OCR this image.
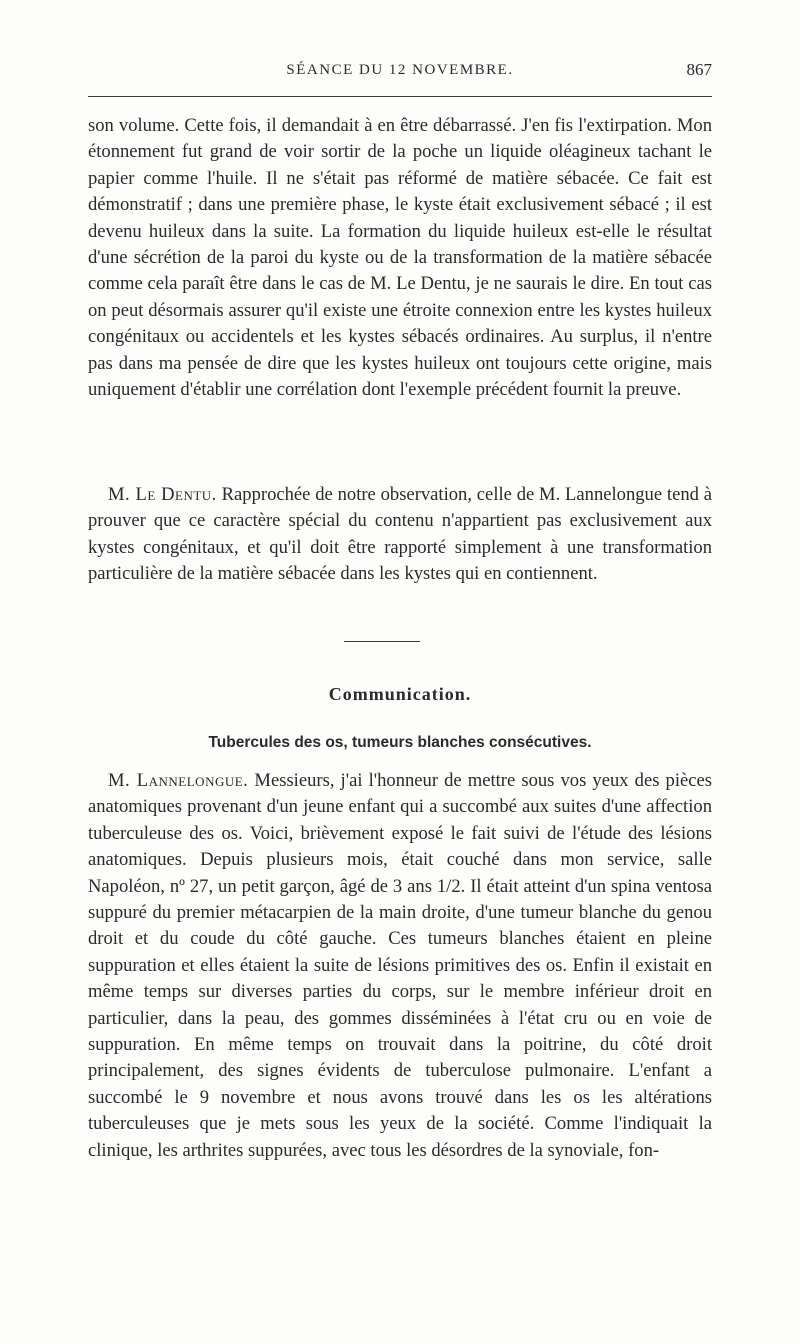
SÉANCE DU 12 NOVEMBRE.	867

son volume. Cette fois, il demandait à en être débarrassé. J'en fis l'extirpation. Mon étonnement fut grand de voir sortir de la poche un liquide oléagineux tachant le papier comme l'huile. Il ne s'était pas réformé de matière sébacée. Ce fait est démonstratif ; dans une première phase, le kyste était exclusivement sébacé ; il est devenu huileux dans la suite. La formation du liquide huileux est-elle le résultat d'une sécrétion de la paroi du kyste ou de la transformation de la matière sébacée comme cela paraît être dans le cas de M. Le Dentu, je ne saurais le dire. En tout cas on peut désormais assurer qu'il existe une étroite connexion entre les kystes huileux congénitaux ou accidentels et les kystes sébacés ordinaires. Au surplus, il n'entre pas dans ma pensée de dire que les kystes huileux ont toujours cette origine, mais uniquement d'établir une corrélation dont l'exemple précédent fournit la preuve.

M. Le Dentu. Rapprochée de notre observation, celle de M. Lannelongue tend à prouver que ce caractère spécial du contenu n'appartient pas exclusivement aux kystes congénitaux, et qu'il doit être rapporté simplement à une transformation particulière de la matière sébacée dans les kystes qui en contiennent.

Communication.
Tubercules des os, tumeurs blanches consécutives.

M. Lannelongue. Messieurs, j'ai l'honneur de mettre sous vos yeux des pièces anatomiques provenant d'un jeune enfant qui a succombé aux suites d'une affection tuberculeuse des os. Voici, brièvement exposé le fait suivi de l'étude des lésions anatomiques. Depuis plusieurs mois, était couché dans mon service, salle Napoléon, nº 27, un petit garçon, âgé de 3 ans 1/2. Il était atteint d'un spina ventosa suppuré du premier métacarpien de la main droite, d'une tumeur blanche du genou droit et du coude du côté gauche. Ces tumeurs blanches étaient en pleine suppuration et elles étaient la suite de lésions primitives des os. Enfin il existait en même temps sur diverses parties du corps, sur le membre inférieur droit en particulier, dans la peau, des gommes disséminées à l'état cru ou en voie de suppuration. En même temps on trouvait dans la poitrine, du côté droit principalement, des signes évidents de tuberculose pulmonaire. L'enfant a succombé le 9 novembre et nous avons trouvé dans les os les altérations tuberculeuses que je mets sous les yeux de la société. Comme l'indiquait la clinique, les arthrites suppurées, avec tous les désordres de la synoviale, fon-
